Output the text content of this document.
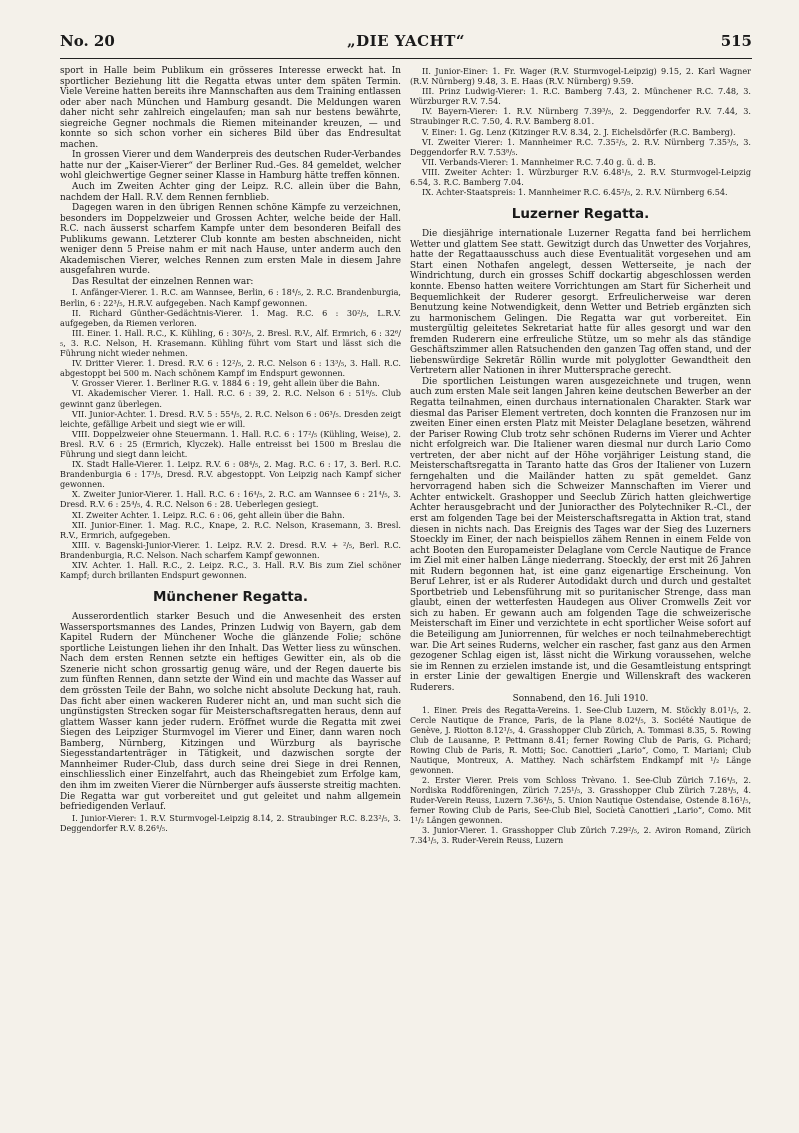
No. 20	„DIE YACHT“	515

sport in Halle beim Publikum ein grösseres Interesse erweckt hat. In sportlicher Beziehung litt die Regatta etwas unter dem späten Termin. Viele Vereine hatten bereits ihre Mannschaften aus dem Training entlassen oder aber nach München und Hamburg gesandt. Die Meldungen waren daher nicht sehr zahlreich eingelaufen; man sah nur bestens bewährte, siegreiche Gegner nochmals die Riemen miteinander kreuzen, — und konnte so sich schon vorher ein sicheres Bild über das Endresultat machen.

In grossen Vierer und dem Wanderpreis des deutschen Ruder-Verbandes hatte nur der „Kaiser-Vierer“ der Berliner Rud.-Ges. 84 gemeldet, welcher wohl gleichwertige Gegner seiner Klasse in Hamburg hätte treffen können.

Auch im Zweiten Achter ging der Leipz. R.C. allein über die Bahn, nachdem der Hall. R.V. dem Rennen fernblieb.

Dagegen waren in den übrigen Rennen schöne Kämpfe zu verzeichnen, besonders im Doppelzweier und Grossen Achter, welche beide der Hall. R.C. nach äusserst scharfem Kampfe unter dem besonderen Beifall des Publikums gewann. Letzterer Club konnte am besten abschneiden, nicht weniger denn 5 Preise nahm er mit nach Hause, unter anderm auch den Akademischen Vierer, welches Rennen zum ersten Male in diesem Jahre ausgefahren wurde.

Das Resultat der einzelnen Rennen war:

I. Anfänger-Vierer. 1. R.C. am Wannsee, Berlin, 6 : 18⁴/₅, 2. R.C. Brandenburgia, Berlin, 6 : 22³/₅, H.R.V. aufgegeben. Nach Kampf gewonnen.

II. Richard Günther-Gedächtnis-Vierer. 1. Mag. R.C. 6 : 30²/₅, L.R.V. aufgegeben, da Riemen verloren.

III. Einer. 1. Hall. R.C., K. Kühling, 6 : 30²/₅, 2. Bresl. R.V., Alf. Ermrich, 6 : 32⁶/₅, 3. R.C. Nelson, H. Krasemann. Kühling führt vom Start und lässt sich die Führung nicht wieder nehmen.

IV. Dritter Vierer. 1. Dresd. R.V. 6 : 12²/₅, 2. R.C. Nelson 6 : 13³/₅, 3. Hall. R.C. abgestoppt bei 500 m. Nach schönem Kampf im Endspurt gewonnen.

V. Grosser Vierer. 1. Berliner R.G. v. 1884 6 : 19, geht allein über die Bahn.

VI. Akademischer Vierer. 1. Hall. R.C. 6 : 39, 2. R.C. Nelson 6 : 51⁸/₅. Club gewinnt ganz überlegen.

VII. Junior-Achter. 1. Dresd. R.V. 5 : 55⁴/₅, 2. R.C. Nelson 6 : 06³/₅. Dresden zeigt leichte, gefällige Arbeit und siegt wie er will.

VIII. Doppelzweier ohne Steuermann. 1. Hall. R.C. 6 : 17²/₅ (Kühling, Weise), 2. Bresl. R.V. 6 : 25 (Ermrich, Klyczek). Halle entreisst bei 1500 m Breslau die Führung und siegt dann leicht.

IX. Stadt Halle-Vierer. 1. Leipz. R.V. 6 : 08⁴/₅, 2. Mag. R.C. 6 : 17, 3. Berl. R.C. Brandenburgia 6 : 17³/₅, Dresd. R.V. abgestoppt. Von Leipzig nach Kampf sicher gewonnen.

X. Zweiter Junior-Vierer. 1. Hall. R.C. 6 : 16⁴/₅, 2. R.C. am Wannsee 6 : 21⁴/₅, 3. Dresd. R.V. 6 : 25⁴/₅, 4. R.C. Nelson 6 : 28. Ueberlegen gesiegt.

XI. Zweiter Achter. 1. Leipz. R.C. 6 : 06, geht allein über die Bahn.

XII. Junior-Einer. 1. Mag. R.C., Knape, 2. R.C. Nelson, Krasemann, 3. Bresl. R.V., Ermrich, aufgegeben.

XIII. v. Bagenski-Junior-Vierer. 1. Leipz. R.V. 2. Dresd. R.V. + ²/₅, Berl. R.C. Brandenburgia, R.C. Nelson. Nach scharfem Kampf gewonnen.

XIV. Achter. 1. Hall. R.C., 2. Leipz. R.C., 3. Hall. R.V. Bis zum Ziel schöner Kampf; durch brillanten Endspurt gewonnen.

Münchener Regatta.

Ausserordentlich starker Besuch und die Anwesenheit des ersten Wassersportsmannes des Landes, Prinzen Ludwig von Bayern, gab dem Kapitel Rudern der Münchener Woche die glänzende Folie; schöne sportliche Leistungen liehen ihr den Inhalt. Das Wetter liess zu wünschen. Nach dem ersten Rennen setzte ein heftiges Gewitter ein, als ob die Szenerie nicht schon grossartig genug wäre, und der Regen dauerte bis zum fünften Rennen, dann setzte der Wind ein und machte das Wasser auf dem grössten Teile der Bahn, wo solche nicht absolute Deckung hat, rauh. Das ficht aber einen wackeren Ruderer nicht an, und man sucht sich die ungünstigsten Strecken sogar für Meisterschaftsregatten heraus, denn auf glattem Wasser kann jeder rudern. Eröffnet wurde die Regatta mit zwei Siegen des Leipziger Sturmvogel im Vierer und Einer, dann waren noch Bamberg, Nürnberg, Kitzingen und Würzburg als bayrische Siegesstandartenträger in Tätigkeit, und dazwischen sorgte der Mannheimer Ruder-Club, dass durch seine drei Siege in drei Rennen, einschliesslich einer Einzelfahrt, auch das Rheingebiet zum Erfolge kam, den ihm im zweiten Vierer die Nürnberger aufs äusserste streitig machten. Die Regatta war gut vorbereitet und gut geleitet und nahm allgemein befriedigenden Verlauf.

I. Junior-Vierer: 1. R.V. Sturmvogel-Leipzig 8.14, 2. Straubinger R.C. 8.23²/₅, 3. Deggendorfer R.V. 8.26⁴/₅.

II. Junior-Einer: 1. Fr. Wager (R.V. Sturmvogel-Leipzig) 9.15, 2. Karl Wagner (R.V. Nürnberg) 9.48, 3. E. Haas (R.V. Nürnberg) 9.59.

III. Prinz Ludwig-Vierer: 1. R.C. Bamberg 7.43, 2. Münchener R.C. 7.48, 3. Würzburger R.V. 7.54.

IV. Bayern-Vierer: 1. R.V. Nürnberg 7.39³/₅, 2. Deggendorfer R.V. 7.44, 3. Straubinger R.C. 7.50, 4. R.V. Bamberg 8.01.

V. Einer: 1. Gg. Lenz (Kitzinger R.V. 8.34, 2. J. Eichelsdörfer (R.C. Bamberg).

VI. Zweiter Vierer: 1. Mannheimer R.C. 7.35²/₅, 2. R.V. Nürnberg 7.35³/₅, 3. Deggendorfer R.V. 7.53⁸/₅.

VII. Verbands-Vierer: 1. Mannheimer R.C. 7.40 g. ü. d. B.

VIII. Zweiter Achter: 1. Würzburger R.V. 6.48¹/₅, 2. R.V. Sturmvogel-Leipzig 6.54, 3. R.C. Bamberg 7.04.

IX. Achter-Staatspreis: 1. Mannheimer R.C. 6.45²/₅, 2. R.V. Nürnberg 6.54.

Luzerner Regatta.

Die diesjährige internationale Luzerner Regatta fand bei herrlichem Wetter und glattem See statt. Gewitzigt durch das Unwetter des Vorjahres, hatte der Regattaausschuss auch diese Eventualität vorgesehen und am Start einen Nothafen angelegt, dessen Wetterseite, je nach der Windrichtung, durch ein grosses Schiff dockartig abgeschlossen werden konnte. Ebenso hatten weitere Vorrichtungen am Start für Sicherheit und Bequemlichkeit der Ruderer gesorgt. Erfreulicherweise war deren Benutzung keine Notwendigkeit, denn Wetter und Betrieb ergänzten sich zu harmonischem Gelingen. Die Regatta war gut vorbereitet. Ein mustergültig geleitetes Sekretariat hatte für alles gesorgt und war den fremden Ruderern eine erfreuliche Stütze, um so mehr als das ständige Geschäftszimmer allen Ratsuchenden den ganzen Tag offen stand, und der liebenswürdige Sekretär Röllin wurde mit polyglotter Gewandtheit den Vertretern aller Nationen in ihrer Muttersprache gerecht.

Die sportlichen Leistungen waren ausgezeichnete und trugen, wenn auch zum ersten Male seit langen Jahren keine deutschen Bewerber an der Regatta teilnahmen, einen durchaus internationalen Charakter. Stark war diesmal das Pariser Element vertreten, doch konnten die Franzosen nur im zweiten Einer einen ersten Platz mit Meister Delaglane besetzen, während der Pariser Rowing Club trotz sehr schönen Ruderns im Vierer und Achter nicht erfolgreich war. Die Italiener waren diesmal nur durch Lario Como vertreten, der aber nicht auf der Höhe vorjähriger Leistung stand, die Meisterschaftsregatta in Taranto hatte das Gros der Italiener von Luzern ferngehalten und die Mailänder hatten zu spät gemeldet. Ganz hervorragend haben sich die Schweizer Mannschaften im Vierer und Achter entwickelt. Grashopper und Seeclub Zürich hatten gleichwertige Achter herausgebracht und der Junioracther des Polytechniker R.-Cl., der erst am folgenden Tage bei der Meisterschaftsregatta in Aktion trat, stand diesen in nichts nach. Das Ereignis des Tages war der Sieg des Luzerners Stoeckly im Einer, der nach beispiellos zähem Rennen in einem Felde von acht Booten den Europameister Delaglane vom Cercle Nautique de France im Ziel mit einer halben Länge niederrang. Stoeckly, der erst mit 26 Jahren mit Rudern begonnen hat, ist eine ganz eigenartige Erscheinung. Von Beruf Lehrer, ist er als Ruderer Autodidakt durch und durch und gestaltet Sportbetrieb und Lebensführung mit so puritanischer Strenge, dass man glaubt, einen der wetterfesten Haudegen aus Oliver Cromwells Zeit vor sich zu haben. Er gewann auch am folgenden Tage die schweizerische Meisterschaft im Einer und verzichtete in echt sportlicher Weise sofort auf die Beteiligung am Juniorrennen, für welches er noch teilnahmeberechtigt war. Die Art seines Ruderns, welcher ein rascher, fast ganz aus den Armen gezogener Schlag eigen ist, lässt nicht die Wirkung voraussehen, welche sie im Rennen zu erzielen imstande ist, und die Gesamtleistung entspringt in erster Linie der gewaltigen Energie und Willenskraft des wackeren Ruderers.

Sonnabend, den 16. Juli 1910.

1. Einer. Preis des Regatta-Vereins. 1. See-Club Luzern, M. Stöckly 8.01¹/₅, 2. Cercle Nautique de France, Paris, de la Plane 8.02⁴/₅, 3. Société Nautique de Genève, J. Riotton 8.12¹/₅, 4. Grasshopper Club Zürich, A. Tommasi 8.35, 5. Rowing Club de Lausanne, P. Pettmann 8.41; ferner Rowing Club de Paris, G. Pichard; Rowing Club de Paris, R. Motti; Soc. Canottieri „Lario“, Como, T. Mariani; Club Nautique, Montreux, A. Matthey. Nach schärfstem Endkampf mit ¹/₂ Länge gewonnen.

2. Erster Vierer. Preis vom Schloss Trèvano. 1. See-Club Zürich 7.16⁴/₅, 2. Nordiska Roddföreningen, Zürich 7.25¹/₅, 3. Grasshopper Club Zürich 7.28⁴/₅, 4. Ruder-Verein Reuss, Luzern 7.36⁴/₅, 5. Union Nautique Ostendaise, Ostende 8.16¹/₅, ferner Rowing Club de Paris, See-Club Biel, Società Canottieri „Lario“, Como. Mit 1¹/₂ Längen gewonnen.

3. Junior-Vierer. 1. Grasshopper Club Zürich 7.29²/₅, 2. Aviron Romand, Zürich 7.34¹/₅, 3. Ruder-Verein Reuss, Luzern
